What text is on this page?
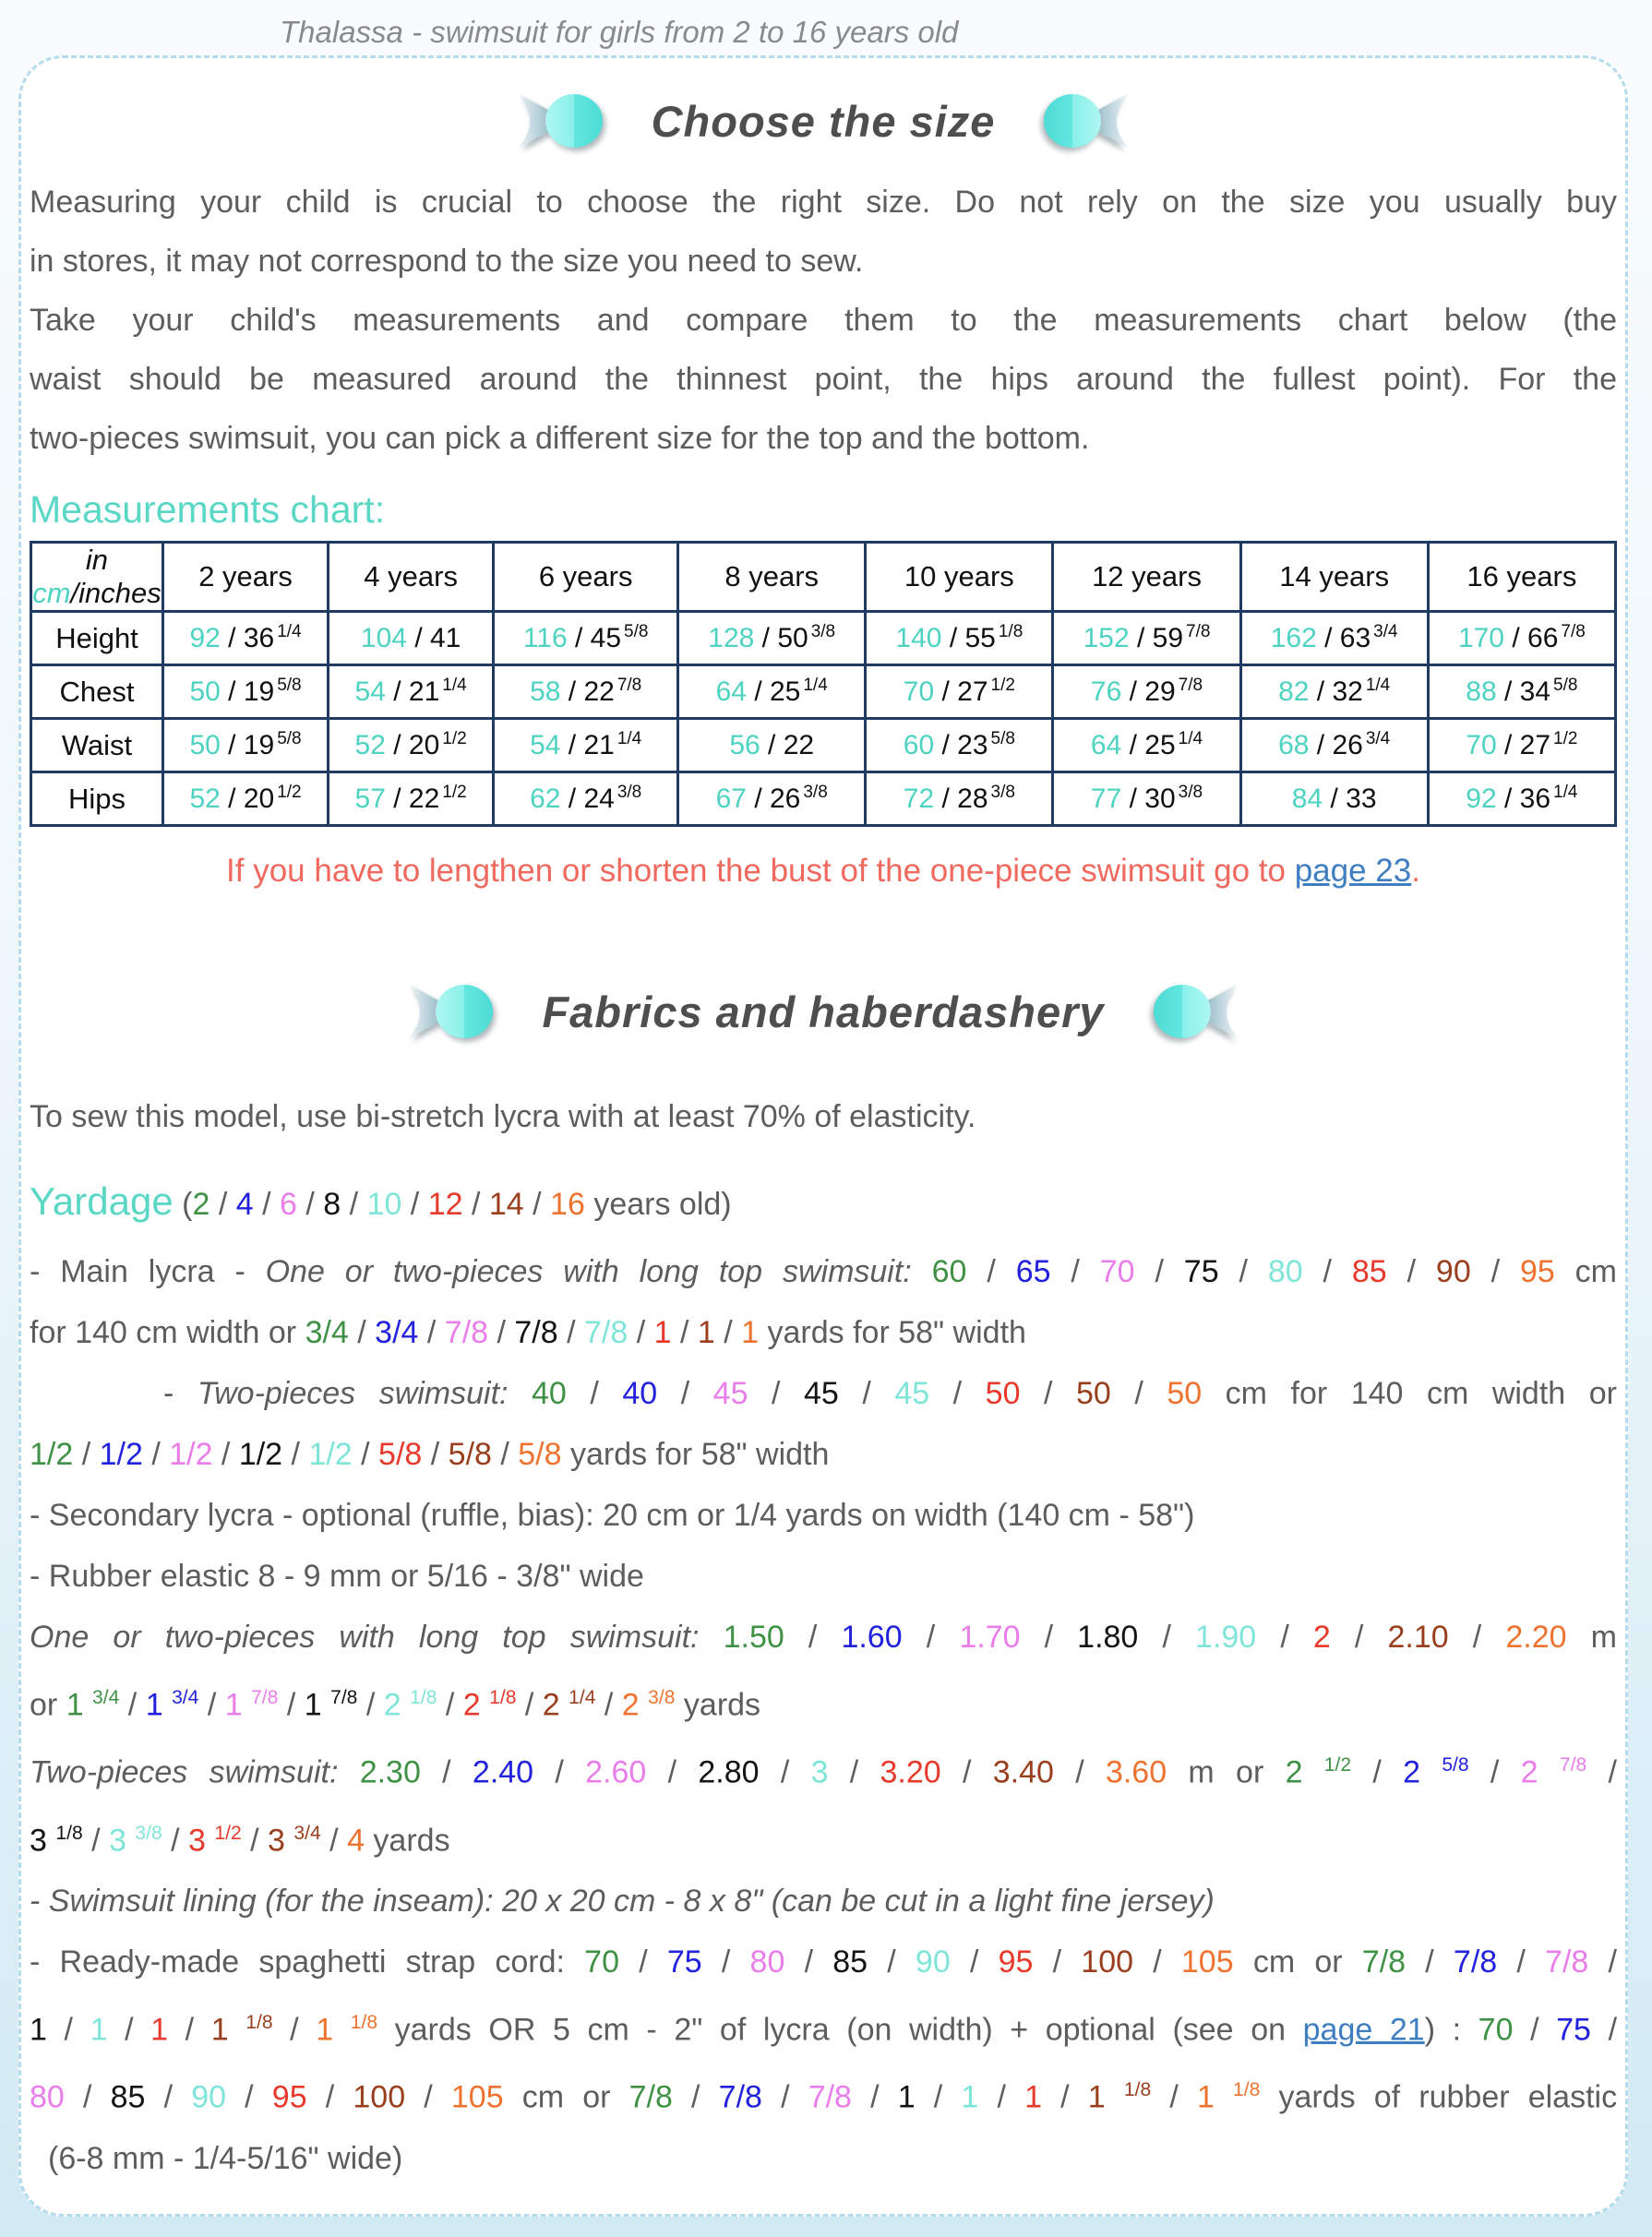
Thalassa - swimsuit for girls from 2 to 16 years old
Choose the size
Measuring your child is crucial to choose the right size. Do not rely on the size you usually buy
in stores, it may not correspond to the size you need to sew.
Take your child's measurements and compare them to the measurements chart below (the
waist should be measured around the thinnest point, the hips around the fullest point). For the
two-pieces swimsuit, you can pick a different size for the top and the bottom.
Measurements chart:
in cm/inches	2 years	4 years	6 years	8 years	10 years	12 years	14 years	16 years
Height	92 / 36 $^{1/4}$	104 / 41	116 / 45 $^{5/8}$	128 / 50 $^{3/8}$	140 / 55 $^{1/8}$	152 / 59 $^{7/8}$	162 / 63 $^{3/4}$	170 / 66 $^{7/8}$
Chest	50 / 19 $^{5/8}$	54 / 21 $^{1/4}$	58 / 22 $^{7/8}$	64 / 25 $^{1/4}$	70 / 27 $^{1/2}$	76 / 29 $^{7/8}$	82 / 32 $^{1/4}$	88 / 34 $^{5/8}$
Waist	50 / 19 $^{5/8}$	52 / 20 $^{1/2}$	54 / 21 $^{1/4}$	56 / 22	60 / 23 $^{5/8}$	64 / 25 $^{1/4}$	68 / 26 $^{3/4}$	70 / 27 $^{1/2}$
Hips	52 / 20 $^{1/2}$	57 / 22 $^{1/2}$	62 / 24 $^{3/8}$	67 / 26 $^{3/8}$	72 / 28 $^{3/8}$	77 / 30 $^{3/8}$	84 / 33	92 / 36 $^{1/4}$
If you have to lengthen or shorten the bust of the one-piece swimsuit go to page 23.
Fabrics and haberdashery
To sew this model, use bi-stretch lycra with at least 70% of elasticity.
Yardage (2 / 4 / 6 / 8 / 10 / 12 / 14 / 16 years old)
- Main lycra - One or two-pieces with long top swimsuit: 60 / 65 / 70 / 75 / 80 / 85 / 90 / 95 cm
for 140 cm width or 3/4 / 3/4 / 7/8 / 7/8 / 7/8 / 1 / 1 / 1 yards for 58" width
- Two-pieces swimsuit: 40 / 40 / 45 / 45 / 45 / 50 / 50 / 50 cm for 140 cm width or
1/2 / 1/2 / 1/2 / 1/2 / 1/2 / 5/8 / 5/8 / 5/8 yards for 58" width
- Secondary lycra - optional (ruffle, bias): 20 cm or 1/4 yards on width (140 cm - 58")
- Rubber elastic 8 - 9 mm or 5/16 - 3/8" wide
One or two-pieces with long top swimsuit: 1.50 / 1.60 / 1.70 / 1.80 / 1.90 / 2 / 2.10 / 2.20 m
or 1 $^{3/4}$ / 1 $^{3/4}$ / 1 $^{7/8}$ / 1 $^{7/8}$ / 2 $^{1/8}$ / 2 $^{1/8}$ / 2 $^{1/4}$ / 2 $^{3/8}$ yards
Two-pieces swimsuit: 2.30 / 2.40 / 2.60 / 2.80 / 3 / 3.20 / 3.40 / 3.60 m or 2 $^{1/2}$ / 2 $^{5/8}$ / 2 $^{7/8}$ /
3 $^{1/8}$ / 3 $^{3/8}$ / 3 $^{1/2}$ / 3 $^{3/4}$ / 4 yards
- Swimsuit lining (for the inseam): 20 x 20 cm - 8 x 8" (can be cut in a light fine jersey)
- Ready-made spaghetti strap cord: 70 / 75 / 80 / 85 / 90 / 95 / 100 / 105 cm or 7/8 / 7/8 / 7/8 /
1 / 1 / 1 / 1 $^{1/8}$ / 1 $^{1/8}$ yards OR 5 cm - 2" of lycra (on width) + optional (see on page 21) : 70 / 75 /
80 / 85 / 90 / 95 / 100 / 105 cm or 7/8 / 7/8 / 7/8 / 1 / 1 / 1 / 1 $^{1/8}$ / 1 $^{1/8}$ yards of rubber elastic
(6-8 mm - 1/4-5/16" wide)
